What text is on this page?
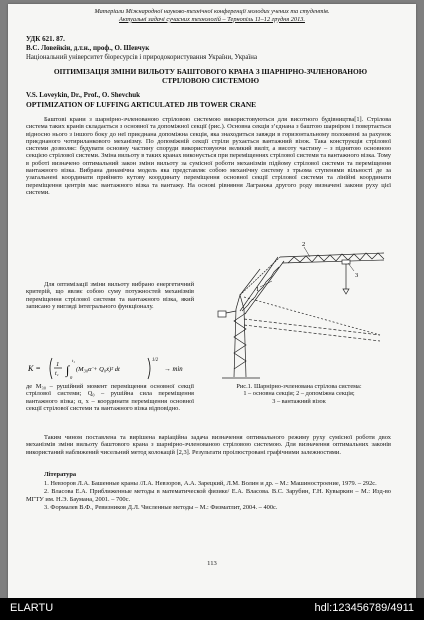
Матеріали Міжнародної науково-технічної конференції молодих учених та студентів.
Актуальні задачі сучасних технологій – Тернопіль 11–12 грудня 2013.
УДК 621. 87.
В.С. Ловейкін, д.т.н., проф., О. Шевчук
Національний університет біоресурсів і природокористування України, Україна
ОПТИМІЗАЦІЯ ЗМІНИ ВИЛЬОТУ БАШТОВОГО КРАНА З ШАРНІРНО-ЗЧЛЕНОВАНОЮ СТРІЛОВОЮ СИСТЕМОЮ
V.S. Loveykin, Dr., Prof., O. Shevchuk
OPTIMIZATION OF LUFFING ARTICULATED JIB TOWER CRANE
Баштові крани з шарнірно-зчленованою стріловою системою використовуються для висотного будівництва[1]. Стрілова система таких кранів складається з основної та допоміжної секції (рис.). Основна секція з’єднана з баштою шарніром і повертається відносно нього з іншого боку до неї приєднана допоміжна секція, яка знаходиться завжди в горизонтальному положенні за рахунок приєднаного чотириланкового механізму. По допоміжній секції стріли рухається вантажний візок. Така конструкція стрілової системи дозволяє: будувати основну частину споруди використовуючи великий виліт, а висоту частину – з піднятою основною секцією стрілової системи. Зміна вильоту в таких кранах виконується при переміщеннях стрілової системи та вантажного візка. Тому в роботі визначено оптимальний закон зміни вильоту за сумісної роботи механізмів підйому стрілової системи та переміщення вантажного візка. Вибрана динамічна модель яка представляє собою механічну систему з трьома ступенями вільності де за узагальнені координати прийнято кутову координату переміщення основної секції стрілової системи та лінійні координати переміщення центрів мас вантажного візка та вантажу. На основі рівняння Лагранжа другого роду визначені закони руху цієї системи.
Для оптимізації зміни вильоту вибрано енергетичний критерій, що являє собою суму потужностей механізмів переміщення стрілової системи та вантажного візка, який записано у вигляді інтегрального функціоналу.
K = 1
t₁ ∫
t₁
0
(M₃₀α̇ + Q₀ẋ)² dt
1/2
→ min
де M₃₀ – рушійний момент переміщення основної секції стрілової системи; Q₀ – рушійна сила переміщення вантажного візка; α, x – координати переміщення основної секції стрілової системи та вантажного візка відповідно.
1
2
3
Рис.1. Шарнірно-зчленована стрілова система:
1 – основна секція; 2 – допоміжна секція;
3 – вантажний візок
Таким чином поставлена та вирішена варіаційна задача визначення оптимального режиму руху сумісної роботи двох механізмів зміни вильоту баштового крана з шарнірно-зчленованою стріловою системою. Для визначення оптимальних законів використаний наближений чисельний метод колокацій [2,3]. Результати проілюстровані графічними залежностями.
Література
1. Невзоров Л.А. Башенные краны /Л.А. Невзоров, А.А. Зарецкий, Л.М. Волин и др. – М.: Машиностроение, 1979. – 292с.
2. Власова Е.А. Приближенные методы в математической физике/ Е.А. Власова. В.С. Зарубин, Г.Н. Кувыркин – М.: Изд-во МГТУ им. Н.Э. Баумана, 2001. – 700с.
3. Формалев В.Ф., Ревизников Д.Л. Численные методы – М.: Физматлит, 2004. – 400с.
113
ELARTU	hdl:123456789/4911
